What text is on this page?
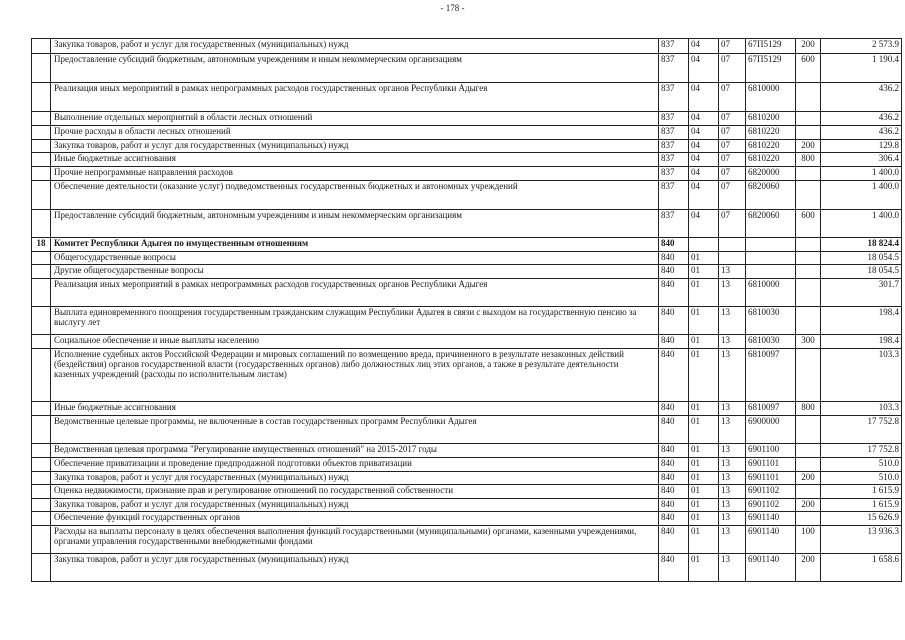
- 178 -
	Закупка товаров, работ и услуг для государственных (муниципальных) нужд	837	04	07	67П5129	200	2 573.9
	Предоставление субсидий бюджетным, автономным учреждениям и иным некоммерческим организациям	837	04	07	67П5129	600	1 190.4
	Реализация иных мероприятий в рамках непрограммных расходов государственных органов Республики Адыгея	837	04	07	6810000		436.2
	Выполнение отдельных мероприятий в области лесных отношений	837	04	07	6810200		436.2
	Прочие расходы в области лесных отношений	837	04	07	6810220		436.2
	Закупка товаров, работ и услуг для государственных (муниципальных) нужд	837	04	07	6810220	200	129.8
	Иные бюджетные ассигнования	837	04	07	6810220	800	306.4
	Прочие непрограммные направления расходов	837	04	07	6820000		1 400.0
	Обеспечение деятельности (оказание услуг) подведомственных государственных бюджетных и автономных учреждений	837	04	07	6820060		1 400.0
	Предоставление субсидий бюджетным, автономным учреждениям и иным некоммерческим организациям	837	04	07	6820060	600	1 400.0
18	Комитет Республики Адыгея по имущественным отношениям	840					18 824.4
	Общегосударственные вопросы	840	01				18 054.5
	Другие общегосударственные вопросы	840	01	13			18 054.5
	Реализация иных мероприятий в рамках непрограммных расходов государственных органов Республики Адыгея	840	01	13	6810000		301.7
	Выплата единовременного поощрения государственным гражданским служащим Республики Адыгея в связи с выходом на государственную пенсию за выслугу лет	840	01	13	6810030		198.4
	Социальное обеспечение и иные выплаты населению	840	01	13	6810030	300	198.4
	Исполнение судебных актов Российской Федерации и мировых соглашений по возмещению вреда, причиненного в результате незаконных действий (бездействия) органов государственной власти (государственных органов) либо должностных лиц этих органов, а также в результате деятельности казенных учреждений (расходы по исполнительным листам)	840	01	13	6810097		103.3
	Иные бюджетные ассигнования	840	01	13	6810097	800	103.3
	Ведомственные целевые программы, не включенные в состав государственных программ Республики Адыгея	840	01	13	6900000		17 752.8
	Ведомственная целевая программа "Регулирование имущественных отношений" на 2015-2017 годы	840	01	13	6901100		17 752.8
	Обеспечение приватизации и проведение предпродажной подготовки объектов приватизации	840	01	13	6901101		510.0
	Закупка товаров, работ и услуг для государственных (муниципальных) нужд	840	01	13	6901101	200	510.0
	Оценка недвижимости, признание прав и регулирование отношений по государственной собственности	840	01	13	6901102		1 615.9
	Закупка товаров, работ и услуг для государственных (муниципальных) нужд	840	01	13	6901102	200	1 615.9
	Обеспечение функций государственных органов	840	01	13	6901140		15 626.9
	Расходы на выплаты персоналу в целях обеспечения выполнения функций государственными (муниципальными) органами, казенными учреждениями, органами управления государственными внебюджетными фондами	840	01	13	6901140	100	13 936.3
	Закупка товаров, работ и услуг для государственных (муниципальных) нужд	840	01	13	6901140	200	1 658.6
